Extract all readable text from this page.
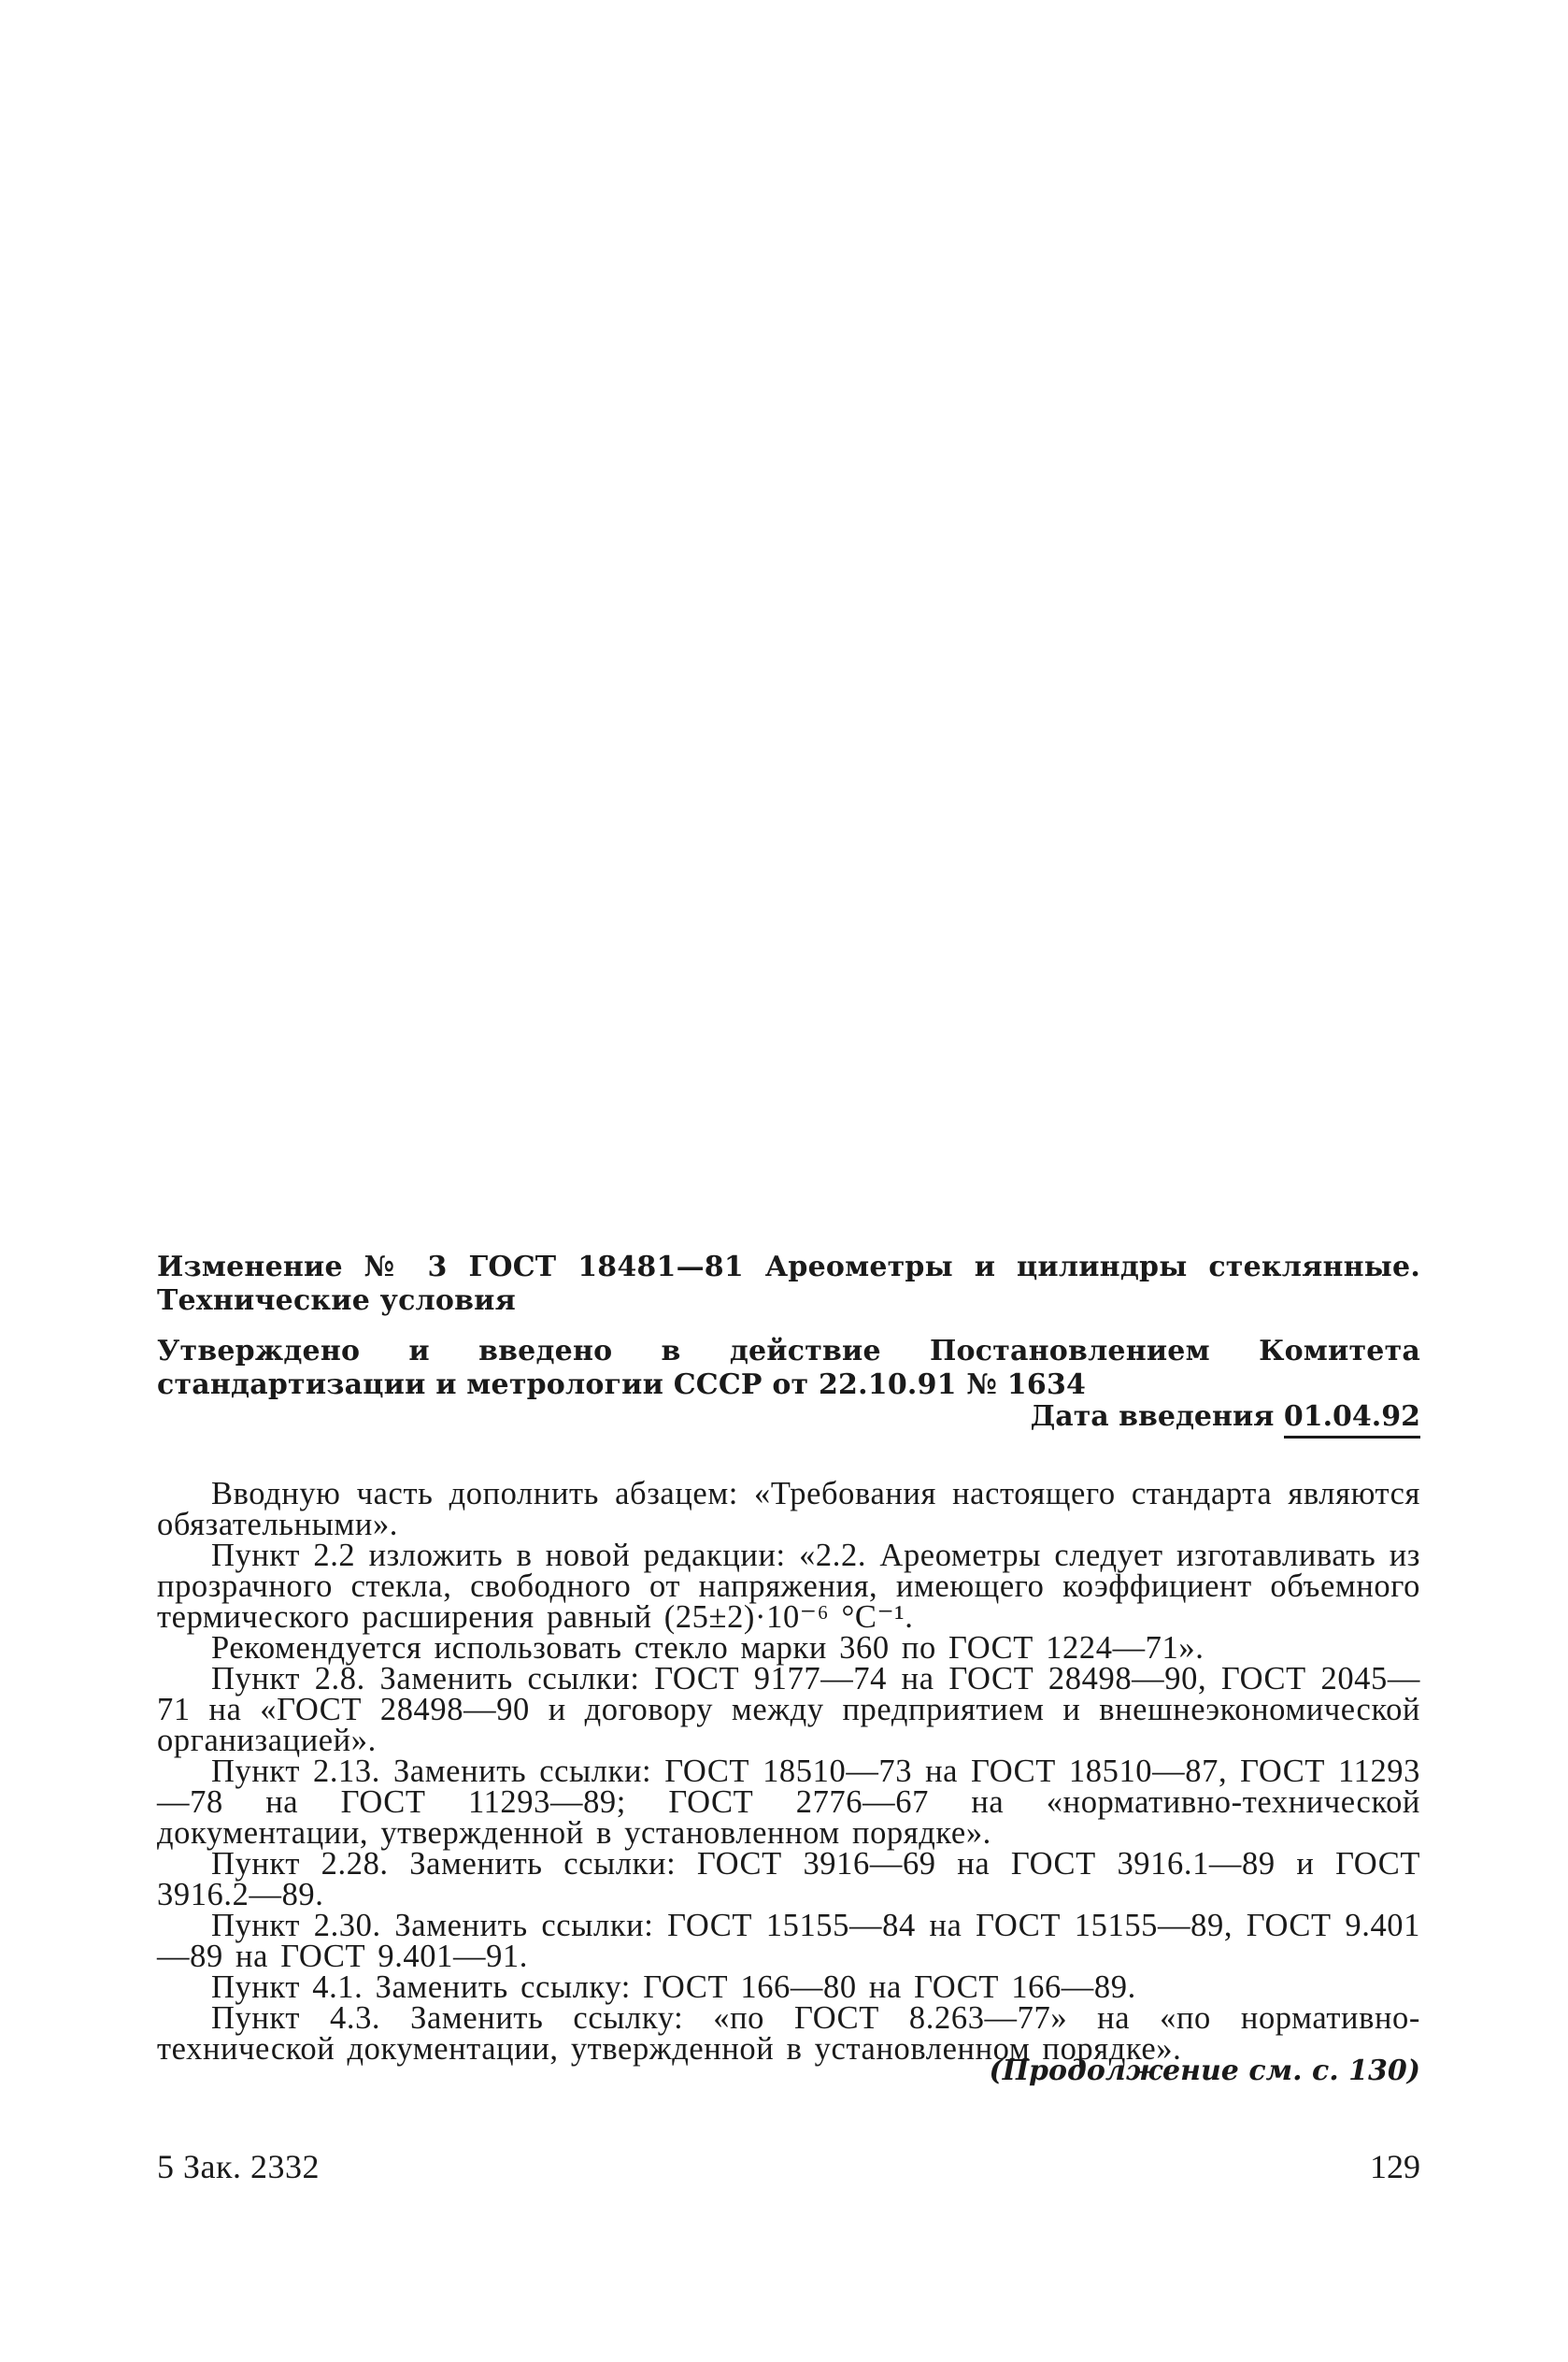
Изменение № 3 ГОСТ 18481—81 Ареометры и цилиндры стеклянные. Технические условия
Утверждено и введено в действие Постановлением Комитета стандартизации и метрологии СССР от 22.10.91 № 1634
Дата введения 01.04.92

Вводную часть дополнить абзацем: «Требования настоящего стандарта являются обязательными».

Пункт 2.2 изложить в новой редакции: «2.2. Ареометры следует изготавливать из прозрачного стекла, свободного от напряжения, имеющего коэффициент объемного термического расширения равный (25±2)·10⁻⁶ °С⁻¹.

Рекомендуется использовать стекло марки 360 по ГОСТ 1224—71».

Пункт 2.8. Заменить ссылки: ГОСТ 9177—74 на ГОСТ 28498—90, ГОСТ 2045—71 на «ГОСТ 28498—90 и договору между предприятием и внешнеэкономической организацией».

Пункт 2.13. Заменить ссылки: ГОСТ 18510—73 на ГОСТ 18510—87, ГОСТ 11293—78 на ГОСТ 11293—89; ГОСТ 2776—67 на «нормативно-технической документации, утвержденной в установленном порядке».

Пункт 2.28. Заменить ссылки: ГОСТ 3916—69 на ГОСТ 3916.1—89 и ГОСТ 3916.2—89.

Пункт 2.30. Заменить ссылки: ГОСТ 15155—84 на ГОСТ 15155—89, ГОСТ 9.401—89 на ГОСТ 9.401—91.

Пункт 4.1. Заменить ссылку: ГОСТ 166—80 на ГОСТ 166—89.

Пункт 4.3. Заменить ссылку: «по ГОСТ 8.263—77» на «по нормативно-технической документации, утвержденной в установленном порядке».

(Продолжение см. с. 130)
5 Зак. 2332	129
